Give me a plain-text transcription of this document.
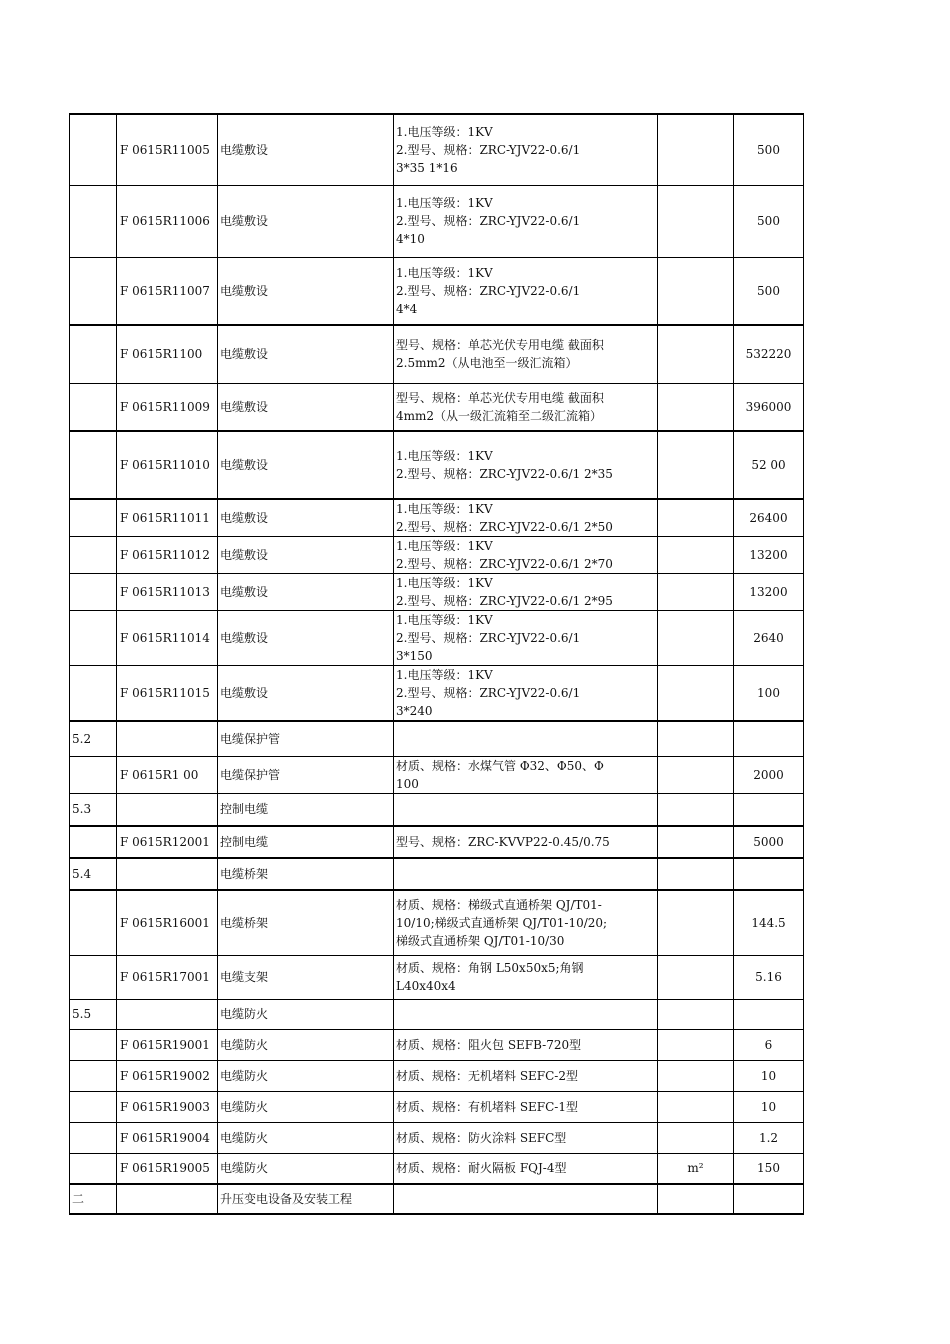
	F 0615R11005	电缆敷设	1.电压等级：1KV
2.型号、规格：ZRC-YJV22-0.6/1
3*35 1*16		500
	F 0615R11006	电缆敷设	1.电压等级：1KV
2.型号、规格：ZRC-YJV22-0.6/1
4*10		500
	F 0615R11007	电缆敷设	1.电压等级：1KV
2.型号、规格：ZRC-YJV22-0.6/1
4*4		500
	F 0615R1100	电缆敷设	型号、规格：单芯光伏专用电缆 截面积
2.5mm2（从电池至一级汇流箱）		532220
	F 0615R11009	电缆敷设	型号、规格：单芯光伏专用电缆 截面积
4mm2（从一级汇流箱至二级汇流箱）		396000
	F 0615R11010	电缆敷设	1.电压等级：1KV
2.型号、规格：ZRC-YJV22-0.6/1 2*35		52 00
	F 0615R11011	电缆敷设	1.电压等级：1KV
2.型号、规格：ZRC-YJV22-0.6/1 2*50		26400
	F 0615R11012	电缆敷设	1.电压等级：1KV
2.型号、规格：ZRC-YJV22-0.6/1 2*70		13200
	F 0615R11013	电缆敷设	1.电压等级：1KV
2.型号、规格：ZRC-YJV22-0.6/1 2*95		13200
	F 0615R11014	电缆敷设	1.电压等级：1KV
2.型号、规格：ZRC-YJV22-0.6/1
3*150		2640
	F 0615R11015	电缆敷设	1.电压等级：1KV
2.型号、规格：ZRC-YJV22-0.6/1
3*240		100
5.2		电缆保护管			
	F 0615R1 00	电缆保护管	材质、规格：水煤气管 Φ32、Φ50、Φ
100		2000
5.3		控制电缆			
	F 0615R12001	控制电缆	型号、规格：ZRC-KVVP22-0.45/0.75		5000
5.4		电缆桥架			
	F 0615R16001	电缆桥架	材质、规格：梯级式直通桥架 QJ/T01-
10/10;梯级式直通桥架 QJ/T01-10/20;
梯级式直通桥架 QJ/T01-10/30		144.5
	F 0615R17001	电缆支架	材质、规格：角钢 L50x50x5;角钢
L40x40x4		5.16
5.5		电缆防火			
	F 0615R19001	电缆防火	材质、规格：阻火包 SEFB-720型		6
	F 0615R19002	电缆防火	材质、规格：无机堵料 SEFC-2型		10
	F 0615R19003	电缆防火	材质、规格：有机堵料 SEFC-1型		10
	F 0615R19004	电缆防火	材质、规格：防火涂料 SEFC型		1.2
	F 0615R19005	电缆防火	材质、规格：耐火隔板 FQJ-4型	m²	150
二		升压变电设备及安装工程			
